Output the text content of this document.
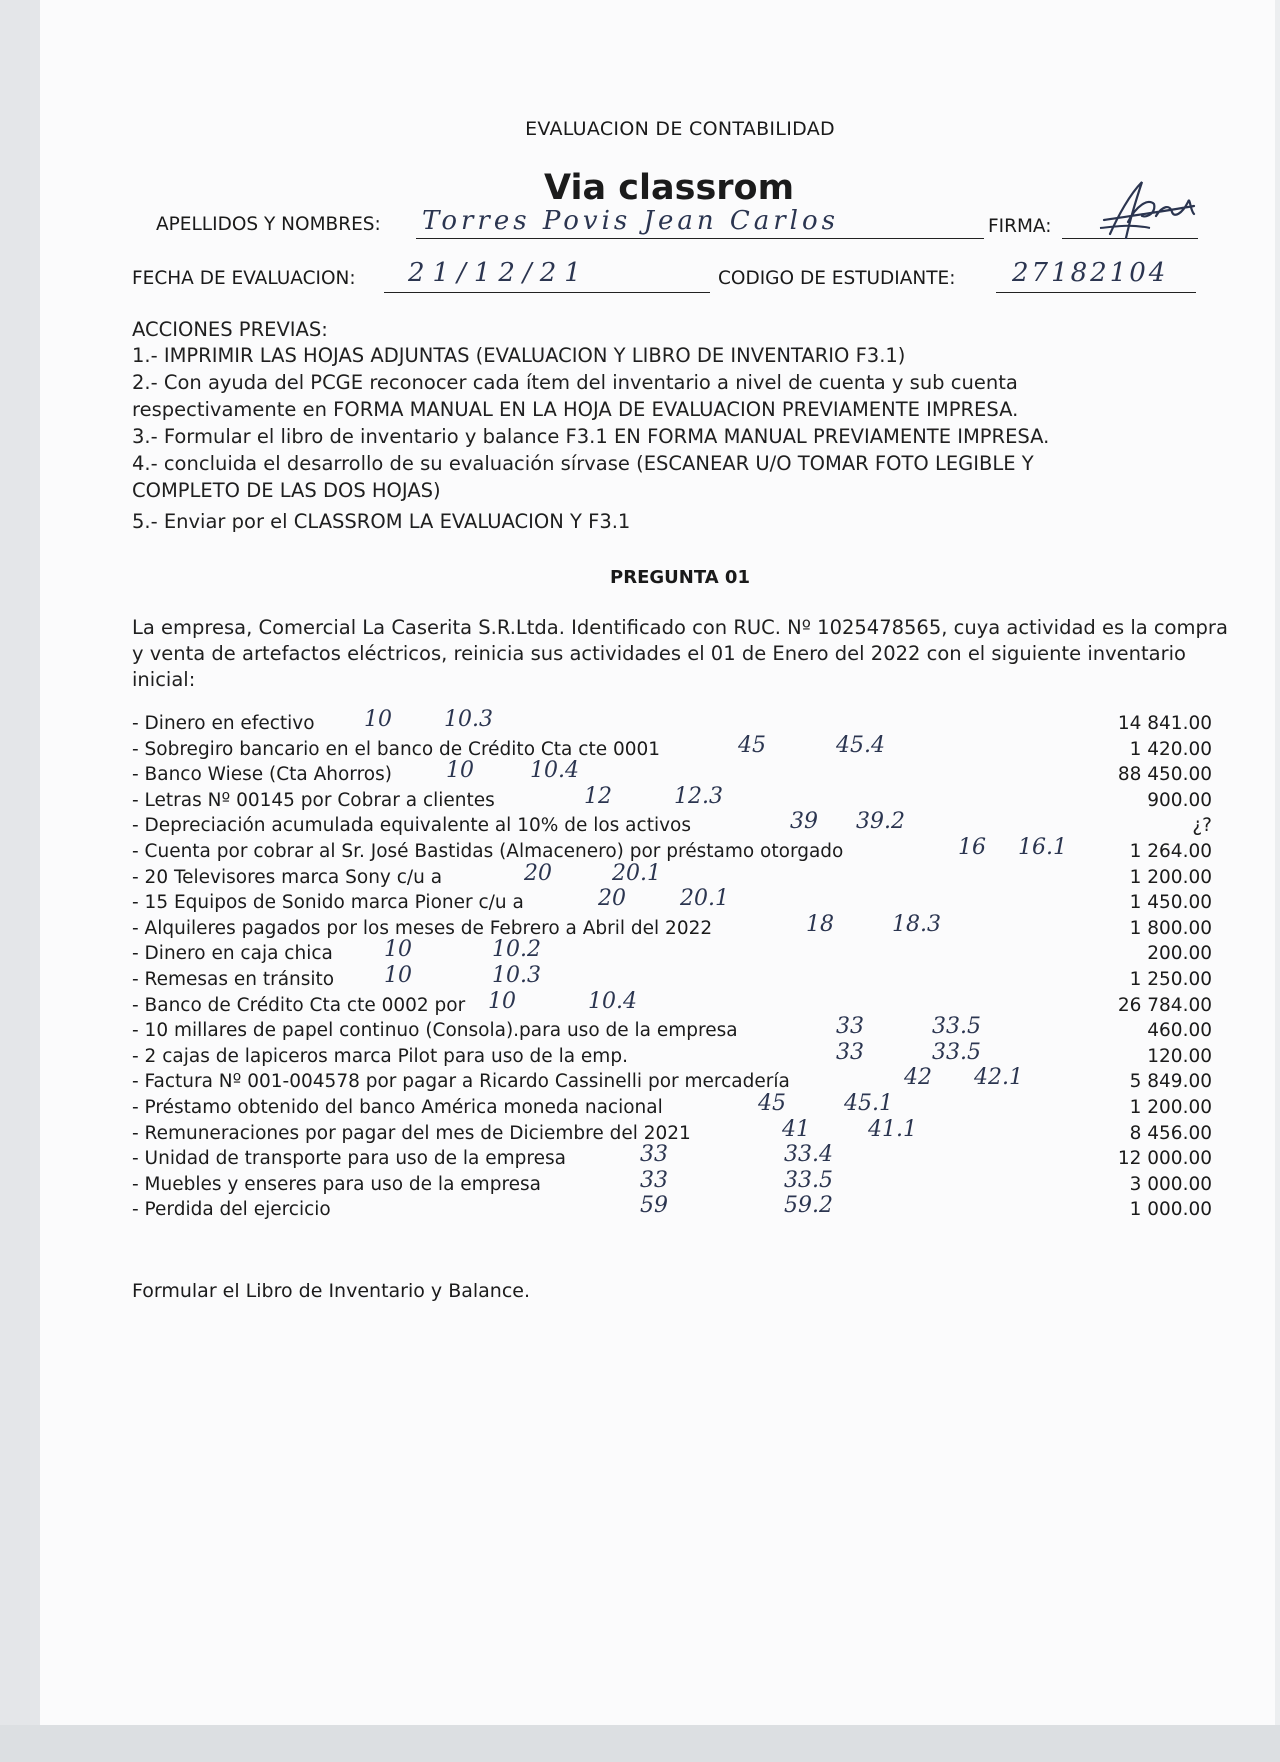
EVALUACION DE CONTABILIDAD
Via classrom
APELLIDOS Y NOMBRES: Torres Povis Jean Carlos	FIRMA:
FECHA DE EVALUACION: 21/12/21	CODIGO DE ESTUDIANTE: 27182104
ACCIONES PREVIAS:
1.- IMPRIMIR LAS HOJAS ADJUNTAS (EVALUACION Y LIBRO DE INVENTARIO F3.1)
2.- Con ayuda del PCGE reconocer cada ítem del inventario a nivel de cuenta y sub cuenta
respectivamente en FORMA MANUAL EN LA HOJA DE EVALUACION PREVIAMENTE IMPRESA.
3.- Formular el libro de inventario y balance F3.1 EN FORMA MANUAL PREVIAMENTE IMPRESA.
4.- concluida el desarrollo de su evaluación sírvase (ESCANEAR U/O TOMAR FOTO LEGIBLE Y
COMPLETO DE LAS DOS HOJAS)
5.- Enviar por el CLASSROM LA EVALUACION Y F3.1
PREGUNTA 01
La empresa, Comercial La Caserita S.R.Ltda. Identificado con RUC. Nº 1025478565, cuya actividad es la compra y venta de artefactos eléctricos, reinicia sus actividades el 01 de Enero del 2022 con el siguiente inventario inicial:
- Dinero en efectivo 10 10.3	14 841.00
- Sobregiro bancario en el banco de Crédito Cta cte 0001	45	45.4	1 420.00
- Banco Wiese (Cta Ahorros) 10	10.4	88 450.00
- Letras Nº 00145 por Cobrar a clientes	12	12.3	900.00
- Depreciación acumulada equivalente al 10% de los activos	39 39.2	¿?
- Cuenta por cobrar al Sr. José Bastidas (Almacenero) por préstamo otorgado	16 16.1	1 264.00
- 20 Televisores marca Sony c/u a	20	20.1	1 200.00
- 15 Equipos de Sonido marca Pioner c/u a	20 20.1	1 450.00
- Alquileres pagados por los meses de Febrero a Abril del 2022	18	18.3	1 800.00
- Dinero en caja chica 10	10.2	200.00
- Remesas en tránsito 10	10.3	1 250.00
- Banco de Crédito Cta cte 0002 por 10	10.4	26 784.00
- 10 millares de papel continuo (Consola).para uso de la empresa	33	33.5	460.00
- 2 cajas de lapiceros marca Pilot para uso de la emp.	33	33.5	120.00
- Factura Nº 001-004578 por pagar a Ricardo Cassinelli por mercadería	42 42.1	5 849.00
- Préstamo obtenido del banco América moneda nacional	45	45.1	1 200.00
- Remuneraciones por pagar del mes de Diciembre del 2021	41	41.1	8 456.00
- Unidad de transporte para uso de la empresa	33	33.4	12 000.00
- Muebles y enseres para uso de la empresa	33	33.5	3 000.00
- Perdida del ejercicio	59	59.2	1 000.00
Formular el Libro de Inventario y Balance.
